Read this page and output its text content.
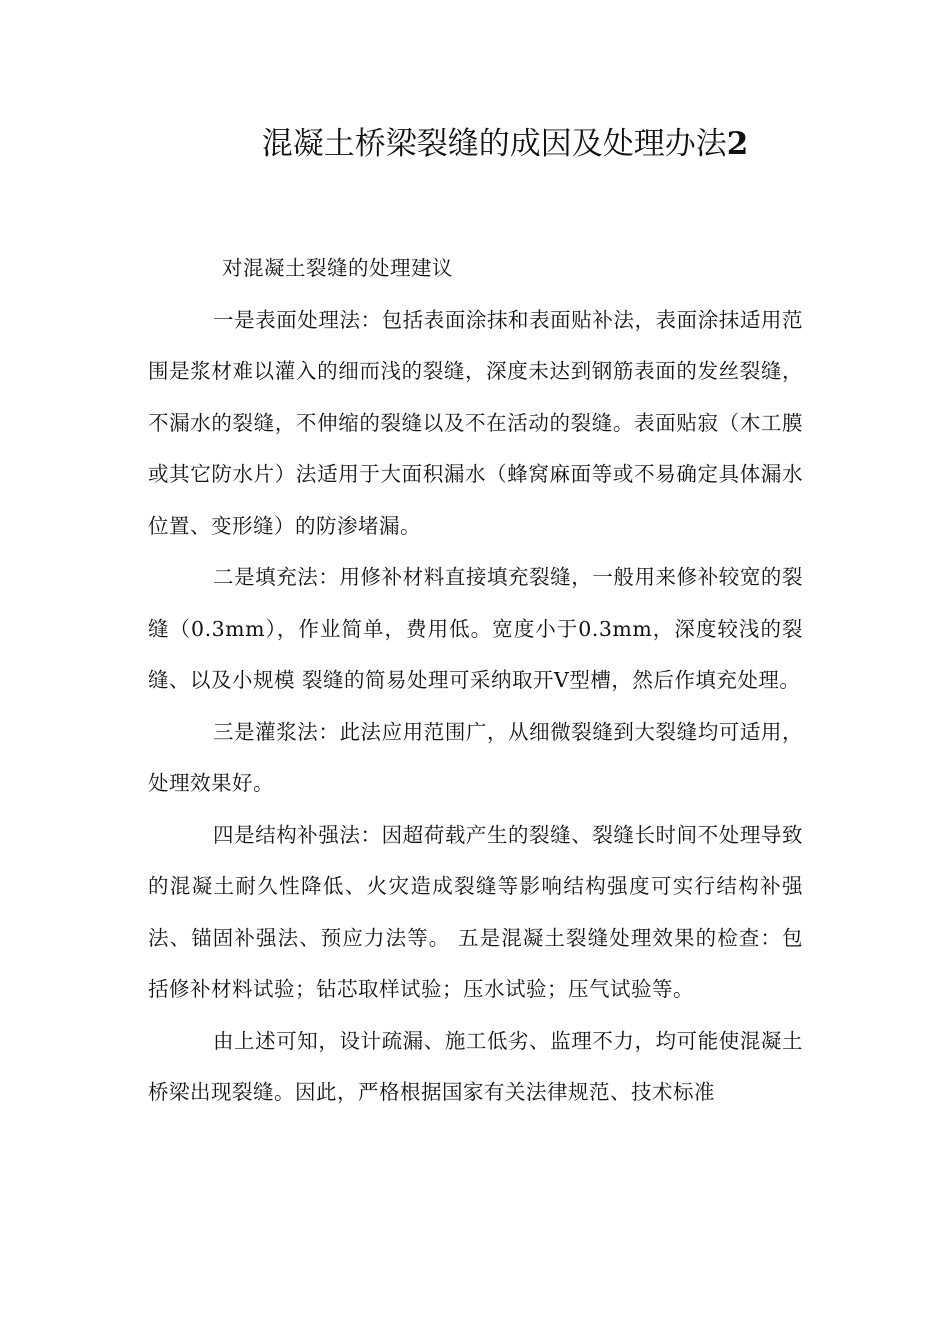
混凝土桥梁裂缝的成因及处理办法2

对混凝土裂缝的处理建议

一是表面处理法：包括表面涂抹和表面贴补法，表面涂抹适用范围是浆材难以灌入的细而浅的裂缝，深度未达到钢筋表面的发丝裂缝，不漏水的裂缝，不伸缩的裂缝以及不在活动的裂缝。表面贴寂（木工膜或其它防水片）法适用于大面积漏水（蜂窝麻面等或不易确定具体漏水位置、变形缝）的防渗堵漏。

二是填充法：用修补材料直接填充裂缝，一般用来修补较宽的裂缝（0.3mm），作业简单，费用低。宽度小于0.3mm，深度较浅的裂缝、以及小规模 裂缝的简易处理可采纳取开V型槽，然后作填充处理。

三是灌浆法：此法应用范围广，从细微裂缝到大裂缝均可适用，处理效果好。

四是结构补强法：因超荷载产生的裂缝、裂缝长时间不处理导致的混凝土耐久性降低、火灾造成裂缝等影响结构强度可实行结构补强法、锚固补强法、预应力法等。 五是混凝土裂缝处理效果的检查：包括修补材料试验；钻芯取样试验；压水试验；压气试验等。

由上述可知，设计疏漏、施工低劣、监理不力，均可能使混凝土桥梁出现裂缝。因此，严格根据国家有关法律规范、技术标准
